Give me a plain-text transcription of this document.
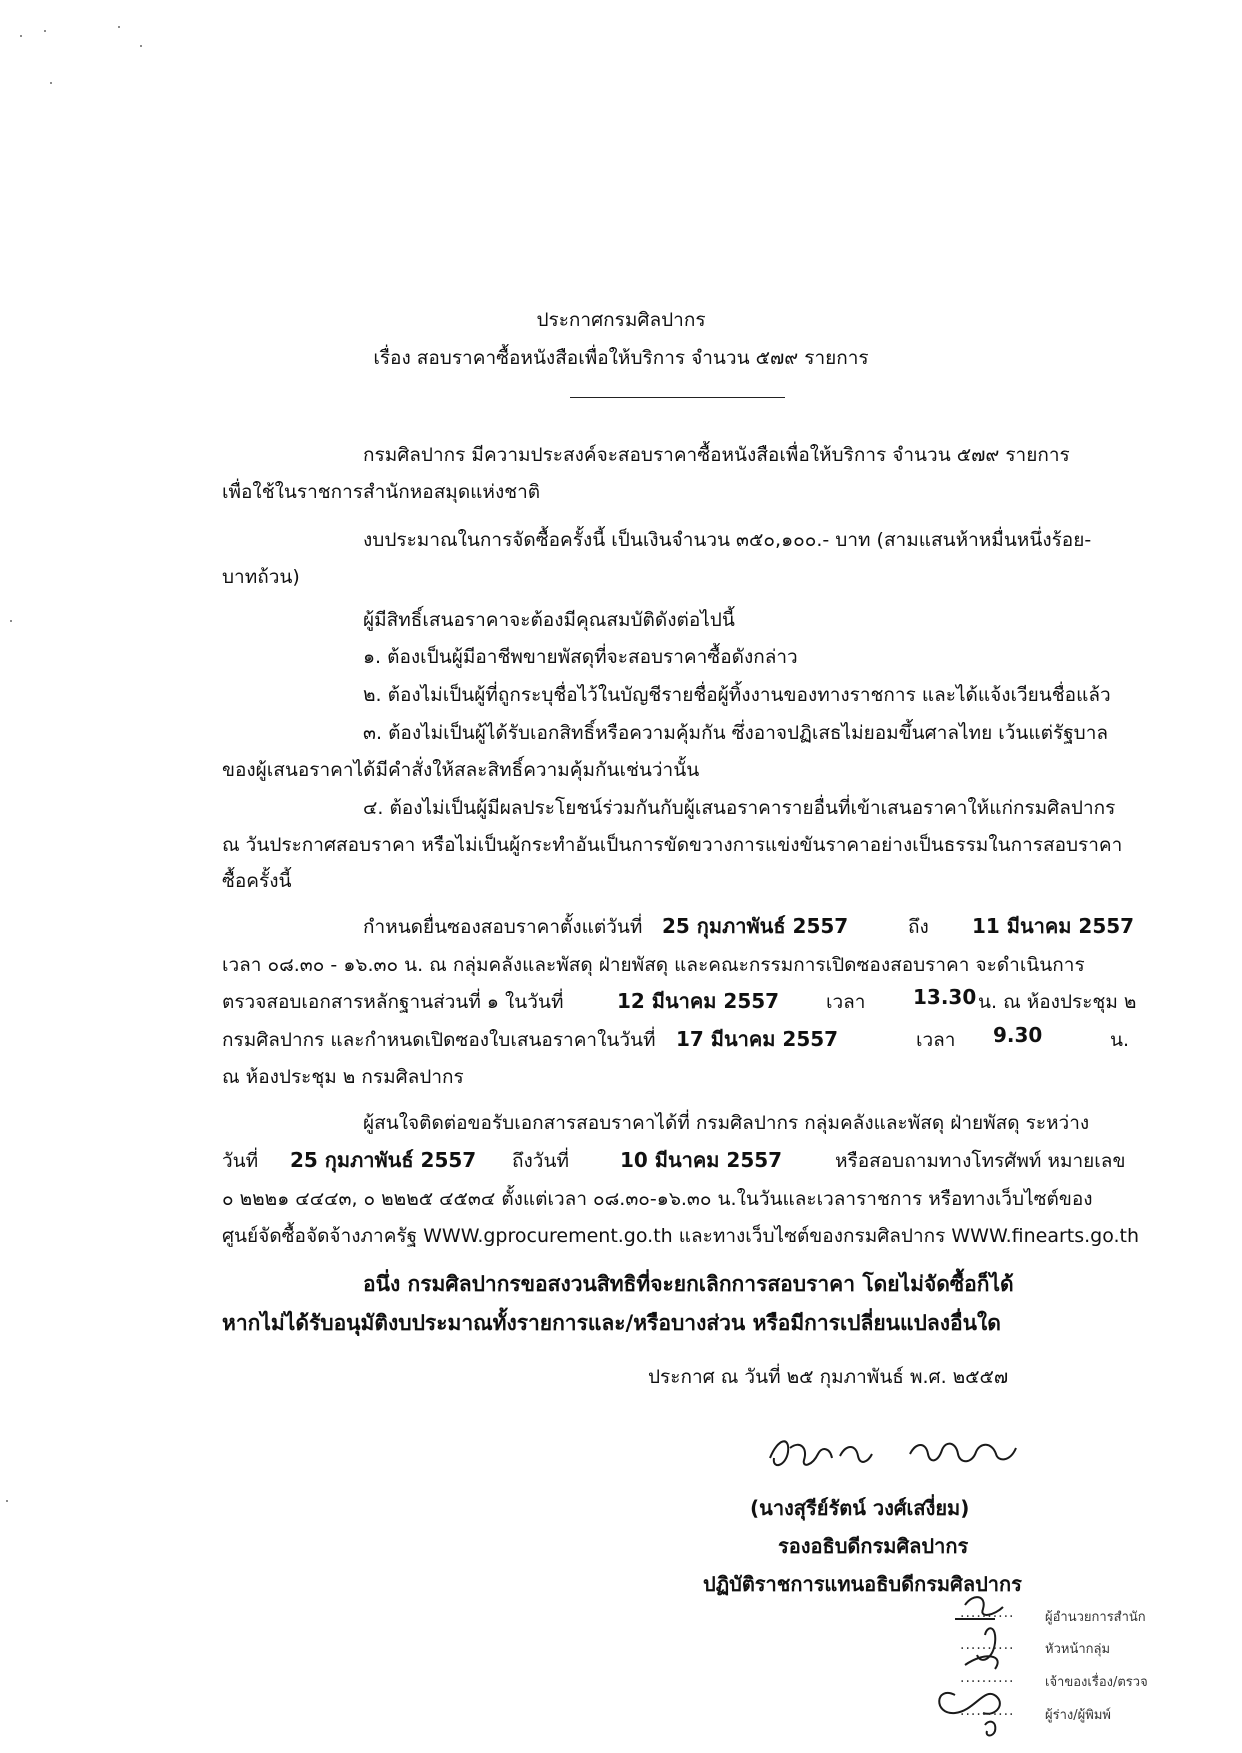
ประกาศกรมศิลปากร
เรื่อง สอบราคาซื้อหนังสือเพื่อให้บริการ จำนวน ๕๗๙ รายการ
กรมศิลปากร มีความประสงค์จะสอบราคาซื้อหนังสือเพื่อให้บริการ จำนวน ๕๗๙ รายการ
เพื่อใช้ในราชการสำนักหอสมุดแห่งชาติ
งบประมาณในการจัดซื้อครั้งนี้ เป็นเงินจำนวน ๓๕๐,๑๐๐.- บาท (สามแสนห้าหมื่นหนึ่งร้อย-
บาทถ้วน)
ผู้มีสิทธิ์เสนอราคาจะต้องมีคุณสมบัติดังต่อไปนี้
๑. ต้องเป็นผู้มีอาชีพขายพัสดุที่จะสอบราคาซื้อดังกล่าว
๒. ต้องไม่เป็นผู้ที่ถูกระบุชื่อไว้ในบัญชีรายชื่อผู้ทิ้งงานของทางราชการ และได้แจ้งเวียนชื่อแล้ว
๓. ต้องไม่เป็นผู้ได้รับเอกสิทธิ์หรือความคุ้มกัน ซึ่งอาจปฏิเสธไม่ยอมขึ้นศาลไทย เว้นแต่รัฐบาล
ของผู้เสนอราคาได้มีคำสั่งให้สละสิทธิ์ความคุ้มกันเช่นว่านั้น
๔. ต้องไม่เป็นผู้มีผลประโยชน์ร่วมกันกับผู้เสนอราคารายอื่นที่เข้าเสนอราคาให้แก่กรมศิลปากร
ณ วันประกาศสอบราคา หรือไม่เป็นผู้กระทำอันเป็นการขัดขวางการแข่งขันราคาอย่างเป็นธรรมในการสอบราคา
ซื้อครั้งนี้
กำหนดยื่นซองสอบราคาตั้งแต่วันที่ 25 กุมภาพันธ์ 2557	ถึง 11 มีนาคม 2557
เวลา ๐๘.๓๐ - ๑๖.๓๐ น. ณ กลุ่มคลังและพัสดุ ฝ่ายพัสดุ และคณะกรรมการเปิดซองสอบราคา จะดำเนินการ
ตรวจสอบเอกสารหลักฐานส่วนที่ ๑ ในวันที่	12 มีนาคม 2557 เวลา 13.30 น. ณ ห้องประชุม ๒
กรมศิลปากร และกำหนดเปิดซองใบเสนอราคาในวันที่ 17 มีนาคม 2557	เวลา 9.30	น.
ณ ห้องประชุม ๒ กรมศิลปากร
ผู้สนใจติดต่อขอรับเอกสารสอบราคาได้ที่ กรมศิลปากร กลุ่มคลังและพัสดุ ฝ่ายพัสดุ ระหว่าง
วันที่ 25 กุมภาพันธ์ 2557 ถึงวันที่	10 มีนาคม 2557	หรือสอบถามทางโทรศัพท์ หมายเลข
๐ ๒๒๒๑ ๔๔๔๓, ๐ ๒๒๒๕ ๔๕๓๔ ตั้งแต่เวลา ๐๘.๓๐-๑๖.๓๐ น.ในวันและเวลาราชการ หรือทางเว็บไซต์ของ
ศูนย์จัดซื้อจัดจ้างภาครัฐ WWW.gprocurement.go.th และทางเว็บไซต์ของกรมศิลปากร WWW.finearts.go.th
อนึ่ง กรมศิลปากรขอสงวนสิทธิที่จะยกเลิกการสอบราคา โดยไม่จัดซื้อก็ได้
หากไม่ได้รับอนุมัติงบประมาณทั้งรายการและ/หรือบางส่วน หรือมีการเปลี่ยนแปลงอื่นใด
ประกาศ ณ วันที่ ๒๕ กุมภาพันธ์ พ.ศ. ๒๕๕๗
(นางสุรีย์รัตน์ วงศ์เสงี่ยม)
รองอธิบดีกรมศิลปากร
ปฏิบัติราชการแทนอธิบดีกรมศิลปากร
.......... ผู้อำนวยการสำนัก
.......... หัวหน้ากลุ่ม
.......... เจ้าของเรื่อง/ตรวจ
.......... ผู้ร่าง/ผู้พิมพ์
